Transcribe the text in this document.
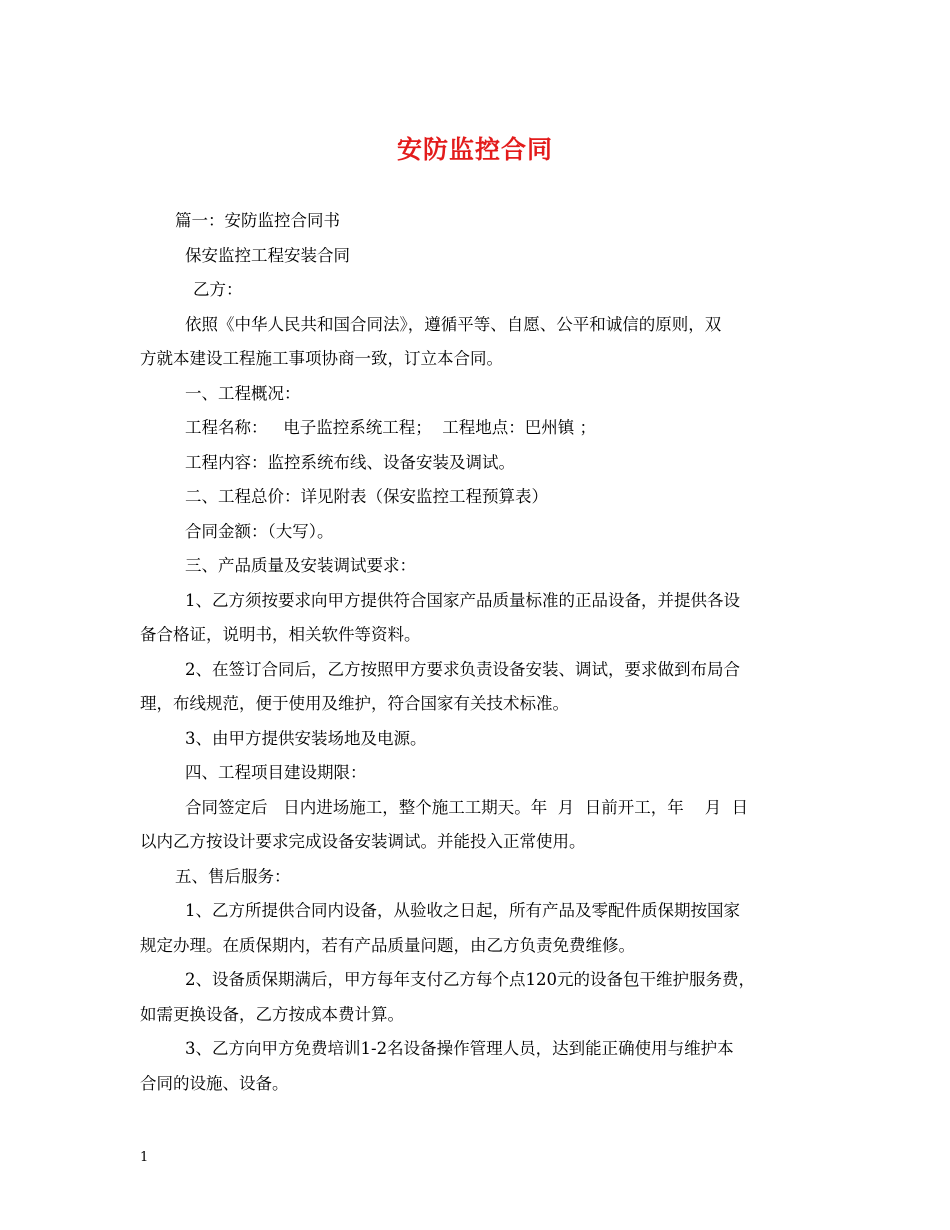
安防监控合同
篇一：安防监控合同书
保安监控工程安装合同
乙方：
依照《中华人民共和国合同法》，遵循平等、自愿、公平和诚信的原则，双
方就本建设工程施工事项协商一致，订立本合同。
一、工程概况：
工程名称：   电子监控系统工程；  工程地点：巴州镇 ；
工程内容：监控系统布线、设备安装及调试。
二、工程总价：详见附表（保安监控工程预算表）
合同金额：（大写）。
三、产品质量及安装调试要求：
1、乙方须按要求向甲方提供符合国家产品质量标准的正品设备，并提供各设
备合格证，说明书，相关软件等资料。
2、在签订合同后，乙方按照甲方要求负责设备安装、调试，要求做到布局合
理，布线规范，便于使用及维护，符合国家有关技术标准。
3、由甲方提供安装场地及电源。
四、工程项目建设期限：
合同签定后   日内进场施工，整个施工工期天。年  月  日前开工，年    月  日
以内乙方按设计要求完成设备安装调试。并能投入正常使用。
五、售后服务：
1、乙方所提供合同内设备，从验收之日起，所有产品及零配件质保期按国家
规定办理。在质保期内，若有产品质量问题，由乙方负责免费维修。
2、设备质保期满后，甲方每年支付乙方每个点120元的设备包干维护服务费，
如需更换设备，乙方按成本费计算。
3、乙方向甲方免费培训1-2名设备操作管理人员，达到能正确使用与维护本
合同的设施、设备。
1
